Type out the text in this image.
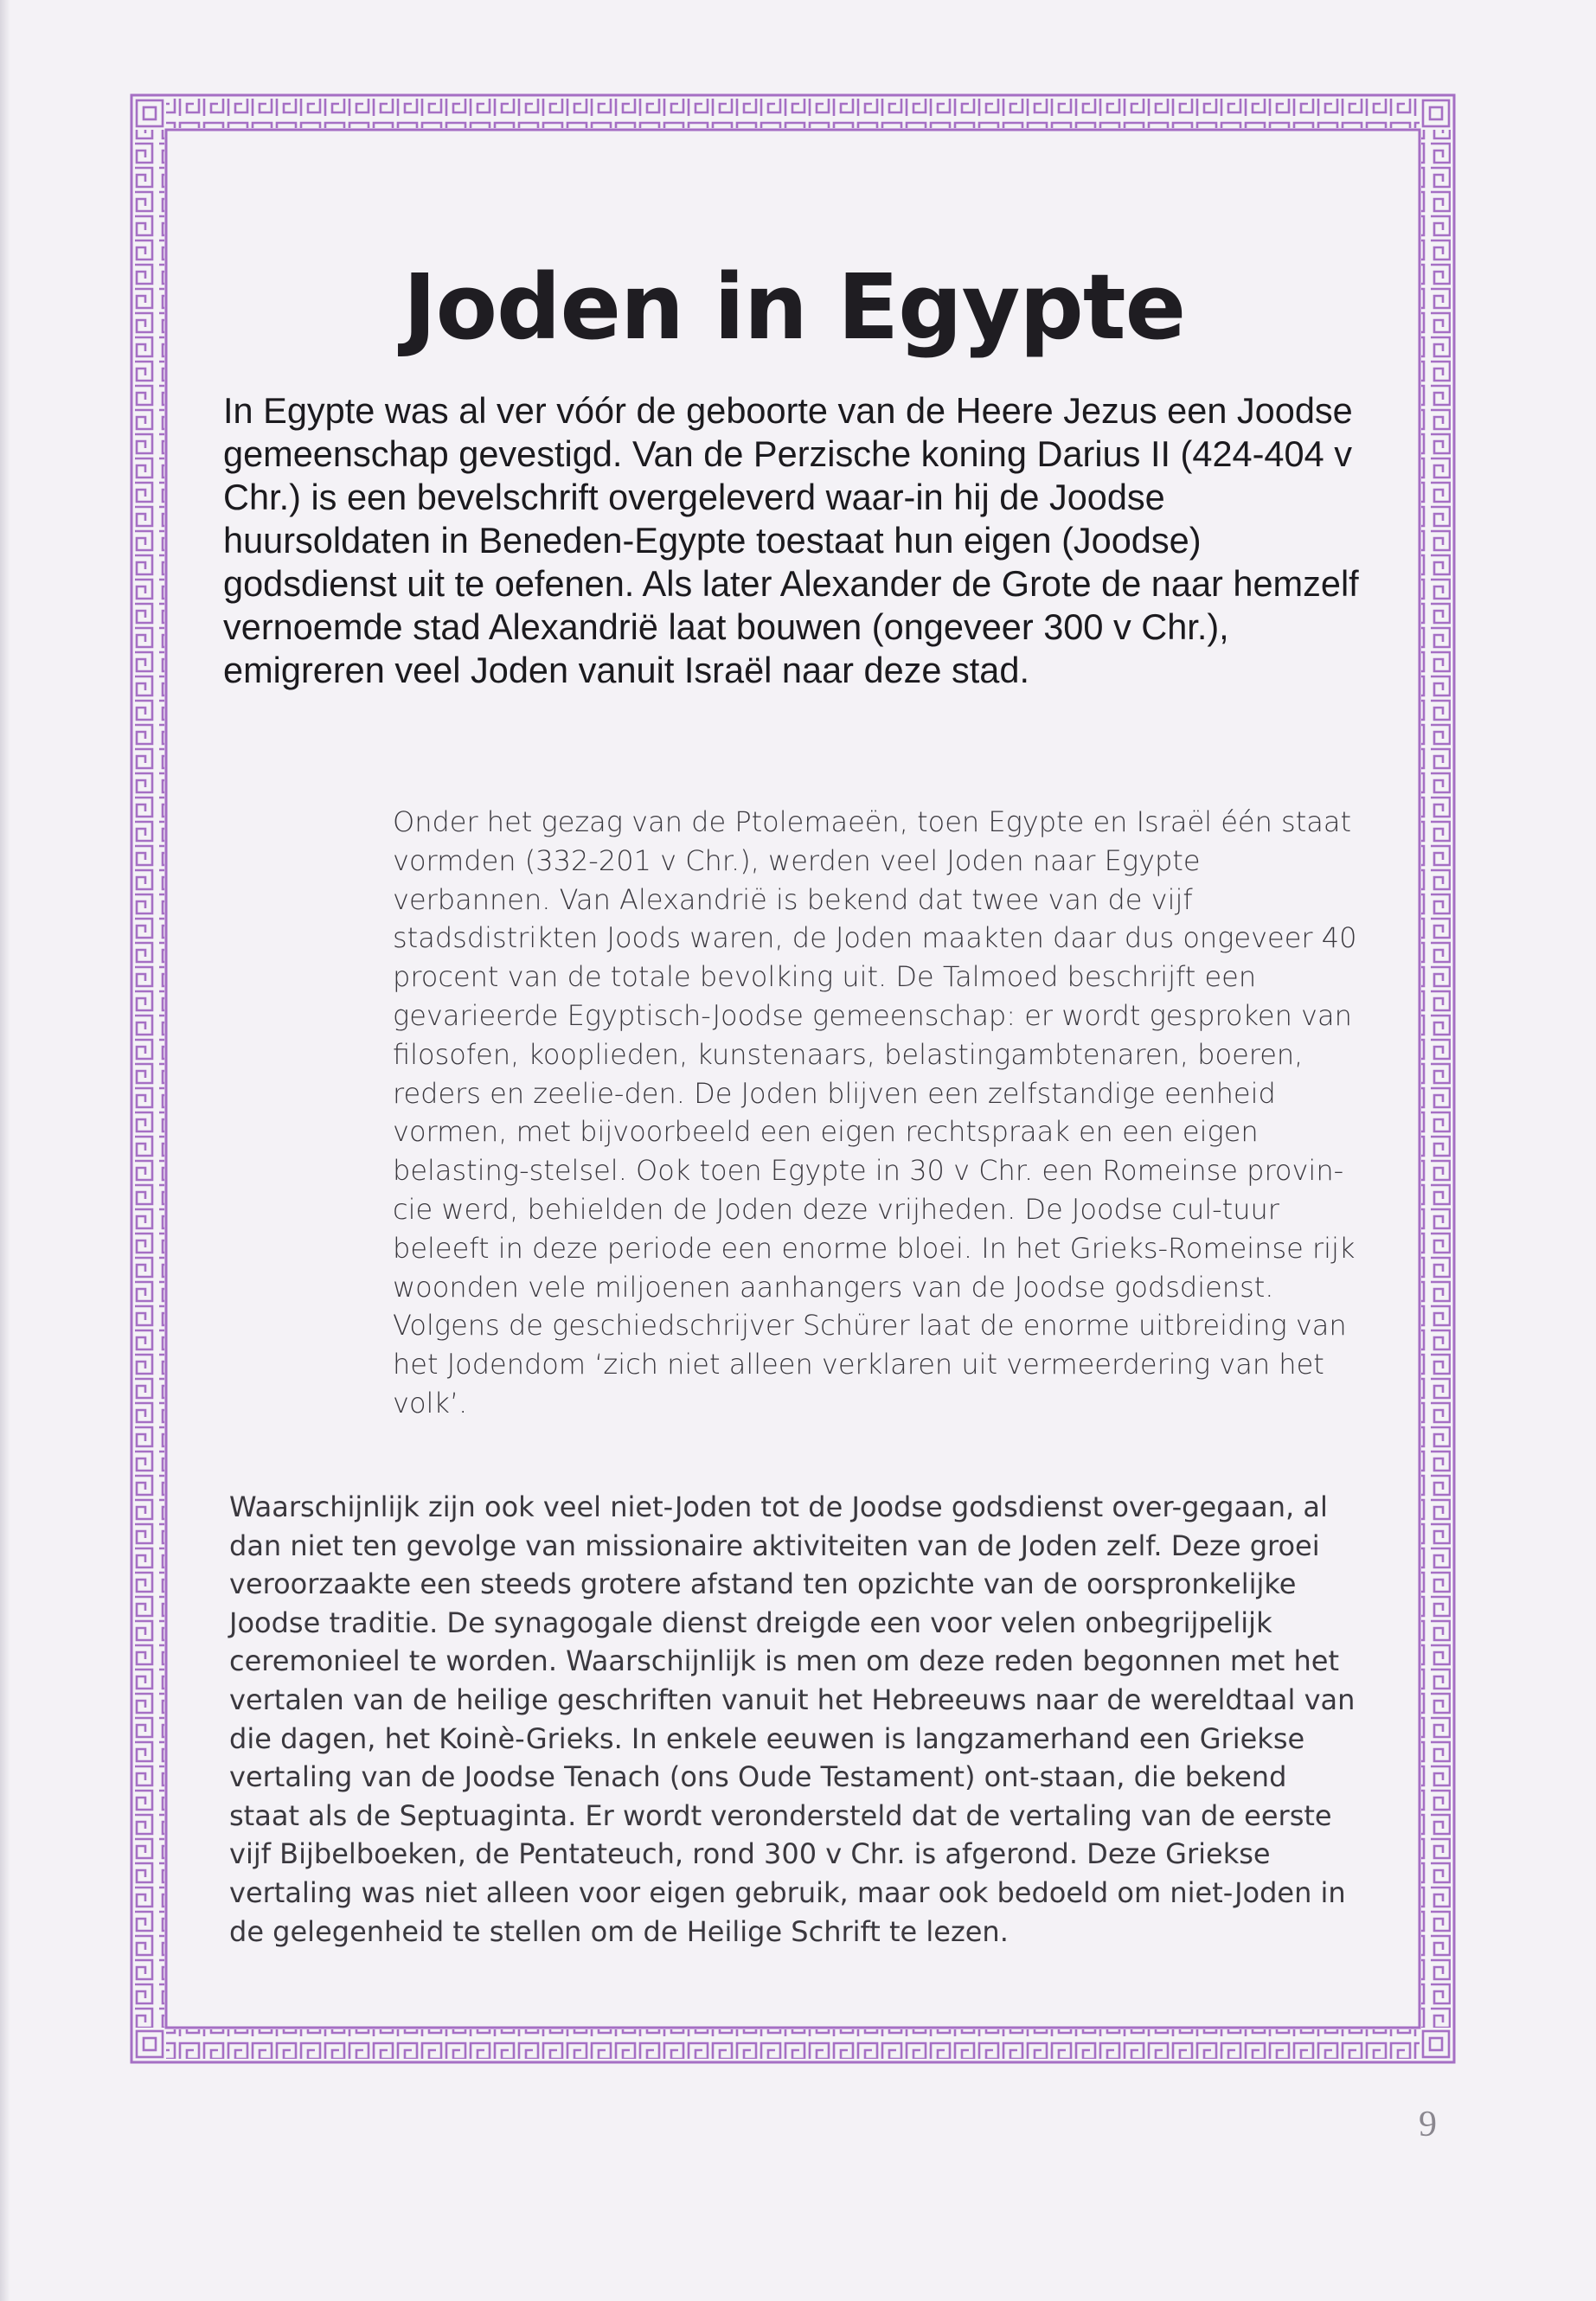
Joden in Egypte

In Egypte was al ver vóór de geboorte van de Heere Jezus een Joodse gemeenschap gevestigd. Van de Perzische koning Darius II (424-404 v Chr.) is een bevelschrift overgeleverd waar-in hij de Joodse huursoldaten in Beneden-Egypte toestaat hun eigen (Joodse) godsdienst uit te oefenen. Als later Alexander de Grote de naar hemzelf vernoemde stad Alexandrië laat bouwen (ongeveer 300 v Chr.), emigreren veel Joden vanuit Israël naar deze stad.

Onder het gezag van de Ptolemaeën, toen Egypte en Israël één staat vormden (332-201 v Chr.), werden veel Joden naar Egypte verbannen. Van Alexandrië is bekend dat twee van de vijf stadsdistrikten Joods waren, de Joden maakten daar dus ongeveer 40 procent van de totale bevolking uit. De Talmoed beschrijft een gevarieerde Egyptisch-Joodse gemeenschap: er wordt gesproken van filosofen, kooplieden, kunstenaars, belastingambtenaren, boeren, reders en zeelie-den. De Joden blijven een zelfstandige eenheid vormen, met bijvoorbeeld een eigen rechtspraak en een eigen belasting-stelsel. Ook toen Egypte in 30 v Chr. een Romeinse provin-cie werd, behielden de Joden deze vrijheden. De Joodse cul-tuur beleeft in deze periode een enorme bloei. In het Grieks-Romeinse rijk woonden vele miljoenen aanhangers van de Joodse godsdienst. Volgens de geschiedschrijver Schürer laat de enorme uitbreiding van het Jodendom ‘zich niet alleen verklaren uit vermeerdering van het volk’.

Waarschijnlijk zijn ook veel niet-Joden tot de Joodse godsdienst over-gegaan, al dan niet ten gevolge van missionaire aktiviteiten van de Joden zelf. Deze groei veroorzaakte een steeds grotere afstand ten opzichte van de oorspronkelijke Joodse traditie. De synagogale dienst dreigde een voor velen onbegrijpelijk ceremonieel te worden. Waarschijnlijk is men om deze reden begonnen met het vertalen van de heilige geschriften vanuit het Hebreeuws naar de wereldtaal van die dagen, het Koinè-Grieks. In enkele eeuwen is langzamerhand een Griekse vertaling van de Joodse Tenach (ons Oude Testament) ont-staan, die bekend staat als de Septuaginta. Er wordt verondersteld dat de vertaling van de eerste vijf Bijbelboeken, de Pentateuch, rond 300 v Chr. is afgerond. Deze Griekse vertaling was niet alleen voor eigen gebruik, maar ook bedoeld om niet-Joden in de gelegenheid te stellen om de Heilige Schrift te lezen.

9
